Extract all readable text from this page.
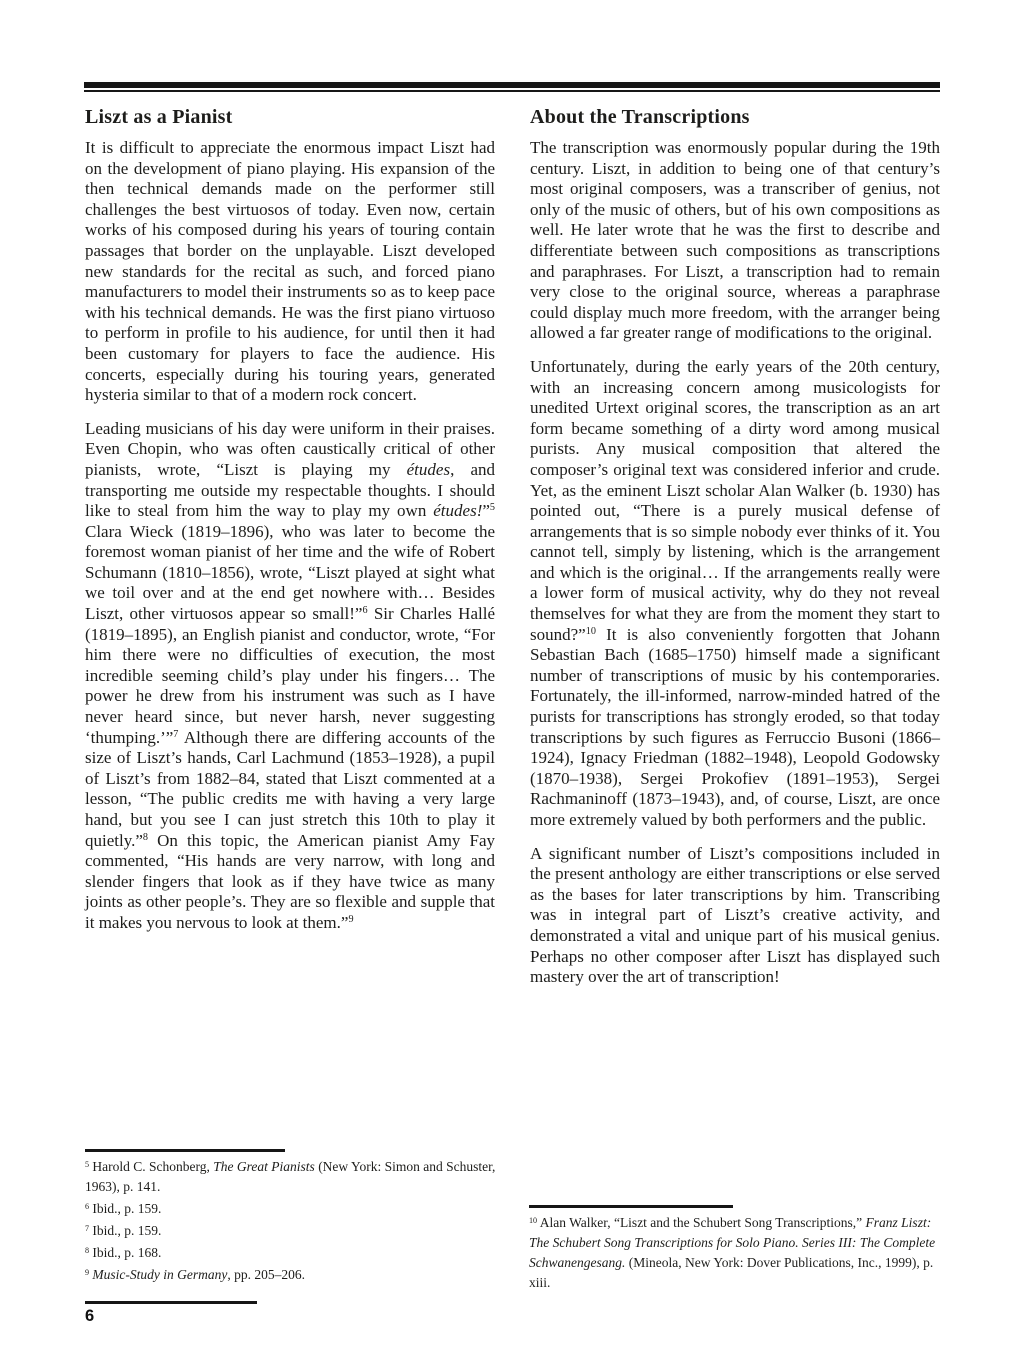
Liszt as a Pianist

It is difficult to appreciate the enormous impact Liszt had on the development of piano playing. His expansion of the then technical demands made on the performer still challenges the best virtuosos of today. Even now, certain works of his composed during his years of touring contain passages that border on the unplayable. Liszt developed new standards for the recital as such, and forced piano manufacturers to model their instruments so as to keep pace with his technical demands. He was the first piano virtuoso to perform in profile to his audience, for until then it had been customary for players to face the audience. His concerts, especially during his touring years, generated hysteria similar to that of a modern rock concert.

Leading musicians of his day were uniform in their praises. Even Chopin, who was often caustically critical of other pianists, wrote, “Liszt is playing my études, and transporting me outside my respectable thoughts. I should like to steal from him the way to play my own études!”$^5$ Clara Wieck (1819–1896), who was later to become the foremost woman pianist of her time and the wife of Robert Schumann (1810–1856), wrote, “Liszt played at sight what we toil over and at the end get nowhere with… Besides Liszt, other virtuosos appear so small!”$^6$ Sir Charles Hallé (1819–1895), an English pianist and conductor, wrote, “For him there were no difficulties of execution, the most incredible seeming child’s play under his fingers… The power he drew from his instrument was such as I have never heard since, but never harsh, never suggesting ‘thumping.’”$^7$ Although there are differing accounts of the size of Liszt’s hands, Carl Lachmund (1853–1928), a pupil of Liszt’s from 1882–84, stated that Liszt commented at a lesson, “The public credits me with having a very large hand, but you see I can just stretch this 10th to play it quietly.”$^8$ On this topic, the American pianist Amy Fay commented, “His hands are very narrow, with long and slender fingers that look as if they have twice as many joints as other people’s. They are so flexible and supple that it makes you nervous to look at them.”$^9$

About the Transcriptions

The transcription was enormously popular during the 19th century. Liszt, in addition to being one of that century’s most original composers, was a transcriber of genius, not only of the music of others, but of his own compositions as well. He later wrote that he was the first to describe and differentiate between such compositions as transcriptions and paraphrases. For Liszt, a transcription had to remain very close to the original source, whereas a paraphrase could display much more freedom, with the arranger being allowed a far greater range of modifications to the original.

Unfortunately, during the early years of the 20th century, with an increasing concern among musicologists for unedited Urtext original scores, the transcription as an art form became something of a dirty word among musical purists. Any musical composition that altered the composer’s original text was considered inferior and crude. Yet, as the eminent Liszt scholar Alan Walker (b. 1930) has pointed out, “There is a purely musical defense of arrangements that is so simple nobody ever thinks of it. You cannot tell, simply by listening, which is the arrangement and which is the original… If the arrangements really were a lower form of musical activity, why do they not reveal themselves for what they are from the moment they start to sound?”$^{10}$ It is also conveniently forgotten that Johann Sebastian Bach (1685–1750) himself made a significant number of transcriptions of music by his contemporaries. Fortunately, the ill-informed, narrow-minded hatred of the purists for transcriptions has strongly eroded, so that today transcriptions by such figures as Ferruccio Busoni (1866–1924), Ignacy Friedman (1882–1948), Leopold Godowsky (1870–1938), Sergei Prokofiev (1891–1953), Sergei Rachmaninoff (1873–1943), and, of course, Liszt, are once more extremely valued by both performers and the public.

A significant number of Liszt’s compositions included in the present anthology are either transcriptions or else served as the bases for later transcriptions by him. Transcribing was in integral part of Liszt’s creative activity, and demonstrated a vital and unique part of his musical genius. Perhaps no other composer after Liszt has displayed such mastery over the art of transcription!

$^5$ Harold C. Schonberg, The Great Pianists (New York: Simon and Schuster, 1963), p. 141.
$^6$ Ibid., p. 159.
$^7$ Ibid., p. 159.
$^8$ Ibid., p. 168.
$^9$ Music-Study in Germany, pp. 205–206.
$^{10}$ Alan Walker, “Liszt and the Schubert Song Transcriptions,” Franz Liszt: The Schubert Song Transcriptions for Solo Piano. Series III: The Complete Schwanengesang. (Mineola, New York: Dover Publications, Inc., 1999), p. xiii.
6
